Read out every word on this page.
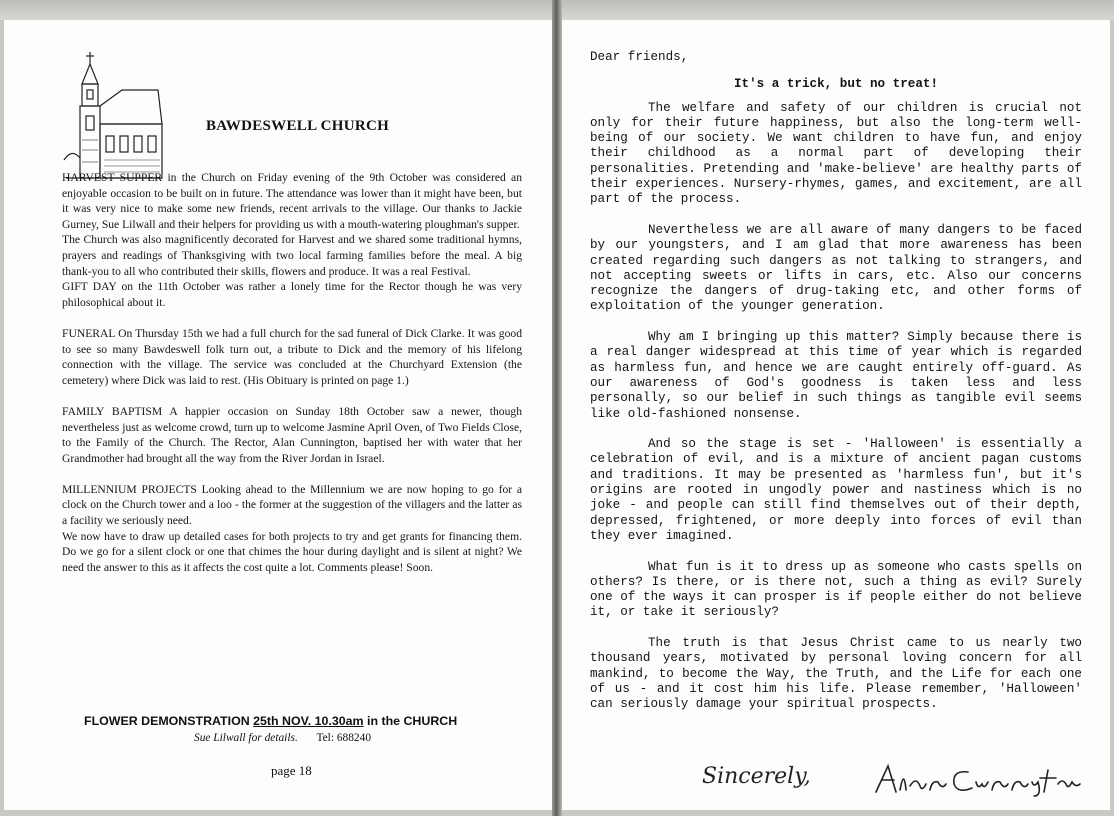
BAWDESWELL CHURCH

HARVEST SUPPER in the Church on Friday evening of the 9th October was considered an enjoyable occasion to be built on in future. The attendance was lower than it might have been, but it was very nice to make some new friends, recent arrivals to the village. Our thanks to Jackie Gurney, Sue Lilwall and their helpers for providing us with a mouth-watering ploughman's supper.

The Church was also magnificently decorated for Harvest and we shared some traditional hymns, prayers and readings of Thanksgiving with two local farming families before the meal. A big thank-you to all who contributed their skills, flowers and produce. It was a real Festival.

GIFT DAY on the 11th October was rather a lonely time for the Rector though he was very philosophical about it.

FUNERAL On Thursday 15th we had a full church for the sad funeral of Dick Clarke. It was good to see so many Bawdeswell folk turn out, a tribute to Dick and the memory of his lifelong connection with the village. The service was concluded at the Churchyard Extension (the cemetery) where Dick was laid to rest. (His Obituary is printed on page 1.)

FAMILY BAPTISM A happier occasion on Sunday 18th October saw a newer, though nevertheless just as welcome crowd, turn up to welcome Jasmine April Oven, of Two Fields Close, to the Family of the Church. The Rector, Alan Cunnington, baptised her with water that her Grandmother had brought all the way from the River Jordan in Israel.

MILLENNIUM PROJECTS Looking ahead to the Millennium we are now hoping to go for a clock on the Church tower and a loo - the former at the suggestion of the villagers and the latter as a facility we seriously need.

We now have to draw up detailed cases for both projects to try and get grants for financing them. Do we go for a silent clock or one that chimes the hour during daylight and is silent at night? We need the answer to this as it affects the cost quite a lot. Comments please! Soon.

FLOWER DEMONSTRATION 25th NOV. 10.30am in the CHURCH
Sue Lilwall for details. Tel: 688240
page 18

Dear friends,

It's a trick, but no treat!

The welfare and safety of our children is crucial not only for their future happiness, but also the long-term well-being of our society. We want children to have fun, and enjoy their childhood as a normal part of developing their personalities. Pretending and 'make-believe' are healthy parts of their experiences. Nursery-rhymes, games, and excitement, are all part of the process.

Nevertheless we are all aware of many dangers to be faced by our youngsters, and I am glad that more awareness has been created regarding such dangers as not talking to strangers, and not accepting sweets or lifts in cars, etc. Also our concerns recognize the dangers of drug-taking etc, and other forms of exploitation of the younger generation.

Why am I bringing up this matter? Simply because there is a real danger widespread at this time of year which is regarded as harmless fun, and hence we are caught entirely off-guard. As our awareness of God's goodness is taken less and less personally, so our belief in such things as tangible evil seems like old-fashioned nonsense.

And so the stage is set - 'Halloween' is essentially a celebration of evil, and is a mixture of ancient pagan customs and traditions. It may be presented as 'harmless fun', but it's origins are rooted in ungodly power and nastiness which is no joke - and people can still find themselves out of their depth, depressed, frightened, or more deeply into forces of evil than they ever imagined.

What fun is it to dress up as someone who casts spells on others? Is there, or is there not, such a thing as evil? Surely one of the ways it can prosper is if people either do not believe it, or take it seriously?

The truth is that Jesus Christ came to us nearly two thousand years, motivated by personal loving concern for all mankind, to become the Way, the Truth, and the Life for each one of us - and it cost him his life. Please remember, 'Halloween' can seriously damage your spiritual prospects.

Sincerely,
